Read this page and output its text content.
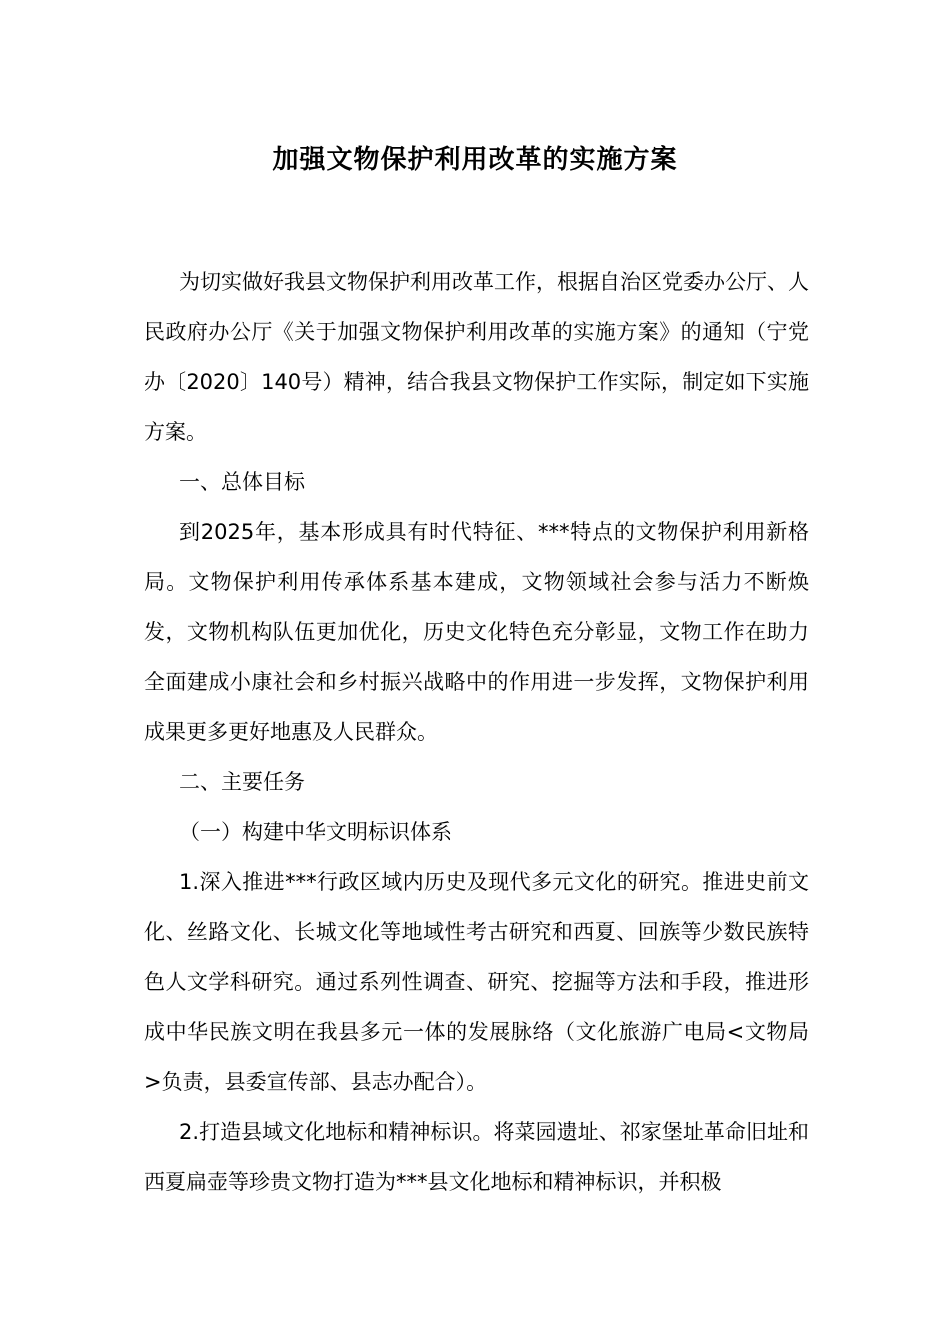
加强文物保护利用改革的实施方案

为切实做好我县文物保护利用改革工作，根据自治区党委办公厅、人民政府办公厅《关于加强文物保护利用改革的实施方案》的通知（宁党办〔2020〕140号）精神，结合我县文物保护工作实际，制定如下实施方案。

一、总体目标

到2025年，基本形成具有时代特征、***特点的文物保护利用新格局。文物保护利用传承体系基本建成，文物领域社会参与活力不断焕发，文物机构队伍更加优化，历史文化特色充分彰显，文物工作在助力全面建成小康社会和乡村振兴战略中的作用进一步发挥，文物保护利用成果更多更好地惠及人民群众。

二、主要任务

（一）构建中华文明标识体系

1.深入推进***行政区域内历史及现代多元文化的研究。推进史前文化、丝路文化、长城文化等地域性考古研究和西夏、回族等少数民族特色人文学科研究。通过系列性调查、研究、挖掘等方法和手段，推进形成中华民族文明在我县多元一体的发展脉络（文化旅游广电局<文物局>负责，县委宣传部、县志办配合）。

2.打造县域文化地标和精神标识。将菜园遗址、祁家堡址革命旧址和西夏扁壶等珍贵文物打造为***县文化地标和精神标识，并积极
